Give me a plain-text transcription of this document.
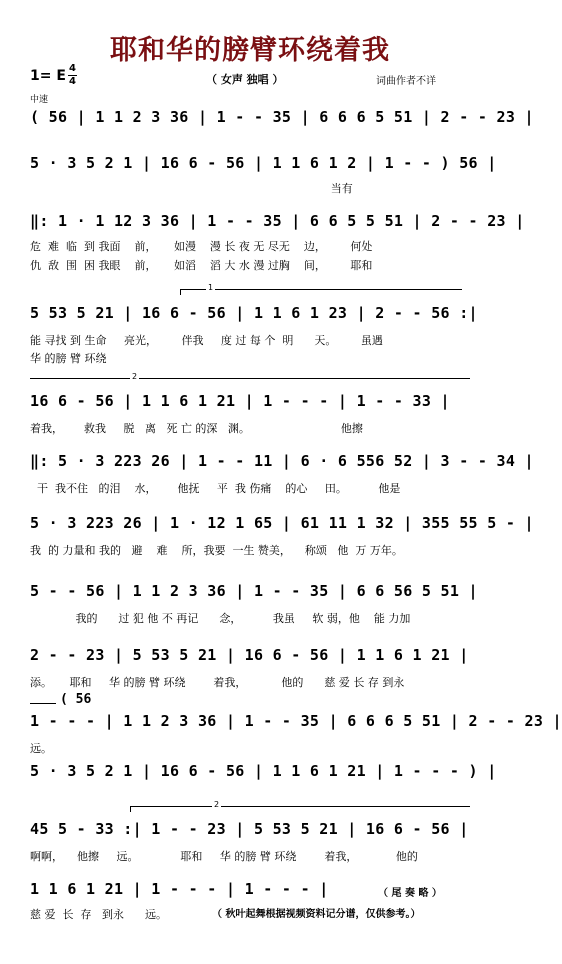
耶和华的膀臂环绕着我
1= E 4
4	（ 女声 独唱 ）	词曲作者不详
中速
( 56 | 1 1 2 3 36 | 1 - - 35 | 6 6 6 5 51 | 2 - - 23 |
5 · 3 5 2 1 | 16 6 - 56 | 1 1 6 1 2 | 1 - - ) 56 |
当有
‖: 1 · 1 12 3 36 | 1 - - 35 | 6 6 5 5 51 | 2 - - 23 |
危  难  临  到 我面    前，     如漫    漫 长 夜 无 尽无    边，       何处
仇  敌  围  困 我眼    前，     如滔    滔 大 水 漫 过胸    间，       耶和
1
5 53 5 21 | 16 6 - 56 | 1 1 6 1 23 | 2 - - 56 :|
能 寻找 到 生命     亮光，       伴我     度 过 每 个  明      天。       虽遇
华 的膀 臂 环绕
2
16 6 - 56 | 1 1 6 1 21 | 1 - - - | 1 - - 33 |
着我，      救我     脱   离   死 亡 的深   渊。                          他擦
‖: 5 · 3 223 26 | 1 - - 11 | 6 · 6 556 52 | 3 - - 34 |
干  我不住   的泪    水，      他抚     平  我 伤痛    的心     田。         他是
5 · 3 223 26 | 1 · 12 1 65 | 61 11 1 32 | 355 55 5 - |
我  的 力量和 我的   避    难    所，我要  一生 赞美，    称颂   他  万 万年。
5 - - 56 | 1 1 2 3 36 | 1 - - 35 | 6 6 56 5 51 |
我的      过 犯 他 不 再记      念，         我虽     软 弱，他    能 力加
2 - - 23 | 5 53 5 21 | 16 6 - 56 | 1 1 6 1 21 |
添。     耶和     华 的膀 臂 环绕        着我，          他的      慈 爱 长 存 到永
( 56
1 - - - | 1 1 2 3 36 | 1 - - 35 | 6 6 6 5 51 | 2 - - 23 |
远。
5 · 3 5 2 1 | 16 6 - 56 | 1 1 6 1 21 | 1 - - - ) |
2
45 5 - 33 :| 1 - - 23 | 5 53 5 21 | 16 6 - 56 |
啊啊，    他擦     远。            耶和     华 的膀 臂 环绕        着我，           他的
1 1 6 1 21 | 1 - - - | 1 - - - |	（ 尾 奏 略 ）
慈 爱  长  存   到永      远。	（ 秋叶起舞根据视频资料记分谱，仅供参考。）
